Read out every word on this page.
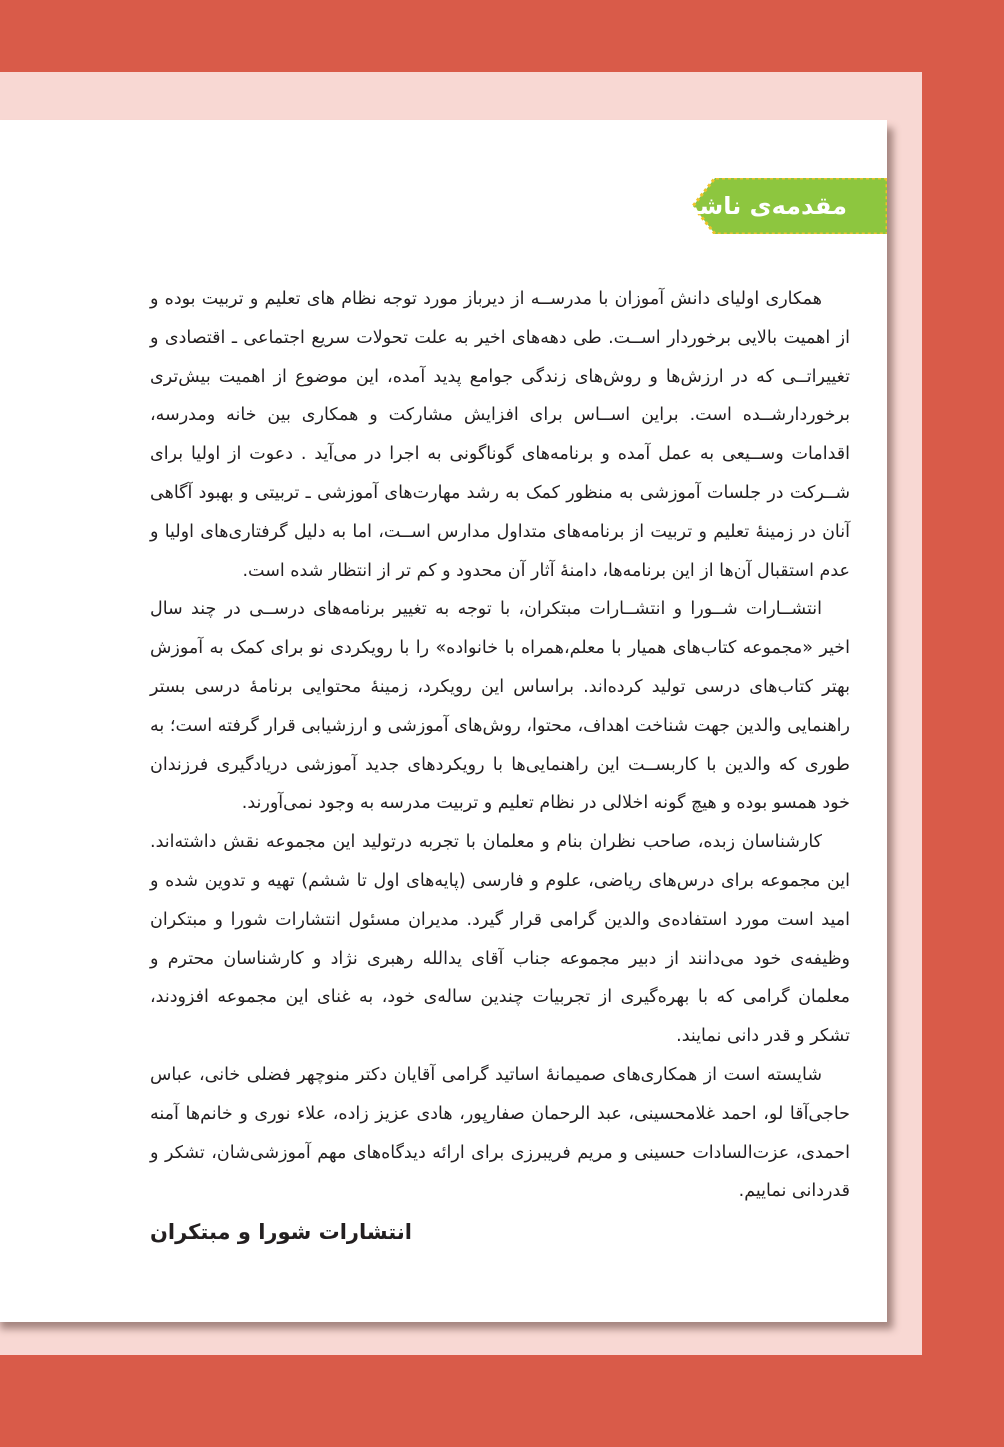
مقدمه‌ی ناشر

همکاری اولیای دانش آموزان با مدرســه از دیرباز مورد توجه نظام های تعلیم و تربیت بوده و از اهمیت بالایی برخوردار اســت. طی دهه‌های اخیر به علت تحولات سریع اجتماعی ـ اقتصادی و تغییراتــی که در ارزش‌ها و روش‌های زندگی جوامع پدید آمده، این موضوع از اهمیت بیش‌تری برخوردارشــده است. براین اســاس برای افزایش مشارکت و همکاری بین خانه ومدرسه، اقدامات وســیعی به عمل آمده و برنامه‌های گوناگونی به اجرا در می‌آید . دعوت از اولیا برای شــرکت در جلسات آموزشی به منظور کمک به رشد مهارت‌های آموزشی ـ تربیتی و بهبود آگاهی آنان در زمینهٔ تعلیم و تربیت از برنامه‌های متداول مدارس اســت، اما به دلیل گرفتاری‌های اولیا و عدم استقبال آن‌ها از این برنامه‌ها، دامنهٔ آثار آن محدود و کم تر از انتظار شده است.

انتشــارات شــورا و انتشــارات مبتکران، با توجه به تغییر برنامه‌های درســی در چند سال اخیر «مجموعه کتاب‌های همیار با معلم،همراه با خانواده» را با رویکردی نو برای کمک به آموزش بهتر کتاب‌های درسی تولید کرده‌اند. براساس این رویکرد، زمینهٔ محتوایی برنامهٔ درسی بستر راهنمایی والدین جهت شناخت اهداف، محتوا، روش‌های آموزشی و ارزشیابی قرار گرفته است؛ به طوری که والدین با کاربســت این راهنمایی‌ها با رویکردهای جدید آموزشی دریادگیری فرزندان خود همسو بوده و هیچ گونه اخلالی در نظام تعلیم و تربیت مدرسه به وجود نمی‌آورند.

کارشناسان زبده، صاحب نظران بنام و معلمان با تجربه درتولید این مجموعه نقش داشته‌اند. این مجموعه برای درس‌های ریاضی، علوم و فارسی (پایه‌های اول تا ششم) تهیه و تدوین شده و امید است مورد استفاده‌ی والدین گرامی قرار گیرد. مدیران مسئول انتشارات شورا و مبتکران وظیفه‌ی خود می‌دانند از دبیر مجموعه جناب آقای یدالله رهبری نژاد و کارشناسان محترم و معلمان گرامی که با بهره‌گیری از تجربیات چندین ساله‌ی خود، به غنای این مجموعه افزودند، تشکر و قدر دانی نمایند.

شایسته است از همکاری‌های صمیمانهٔ اساتید گرامی آقایان دکتر منوچهر فضلی خانی، عباس حاجی‌آقا لو، احمد غلامحسینی، عبد الرحمان صفارپور، هادی عزیز زاده، علاء نوری و خانم‌ها آمنه احمدی، عزت‌السادات حسینی و مریم فریبرزی برای ارائه دیدگاه‌های مهم آموزشی‌شان، تشکر و قدردانی نماییم.

انتشارات شورا و مبتکران
